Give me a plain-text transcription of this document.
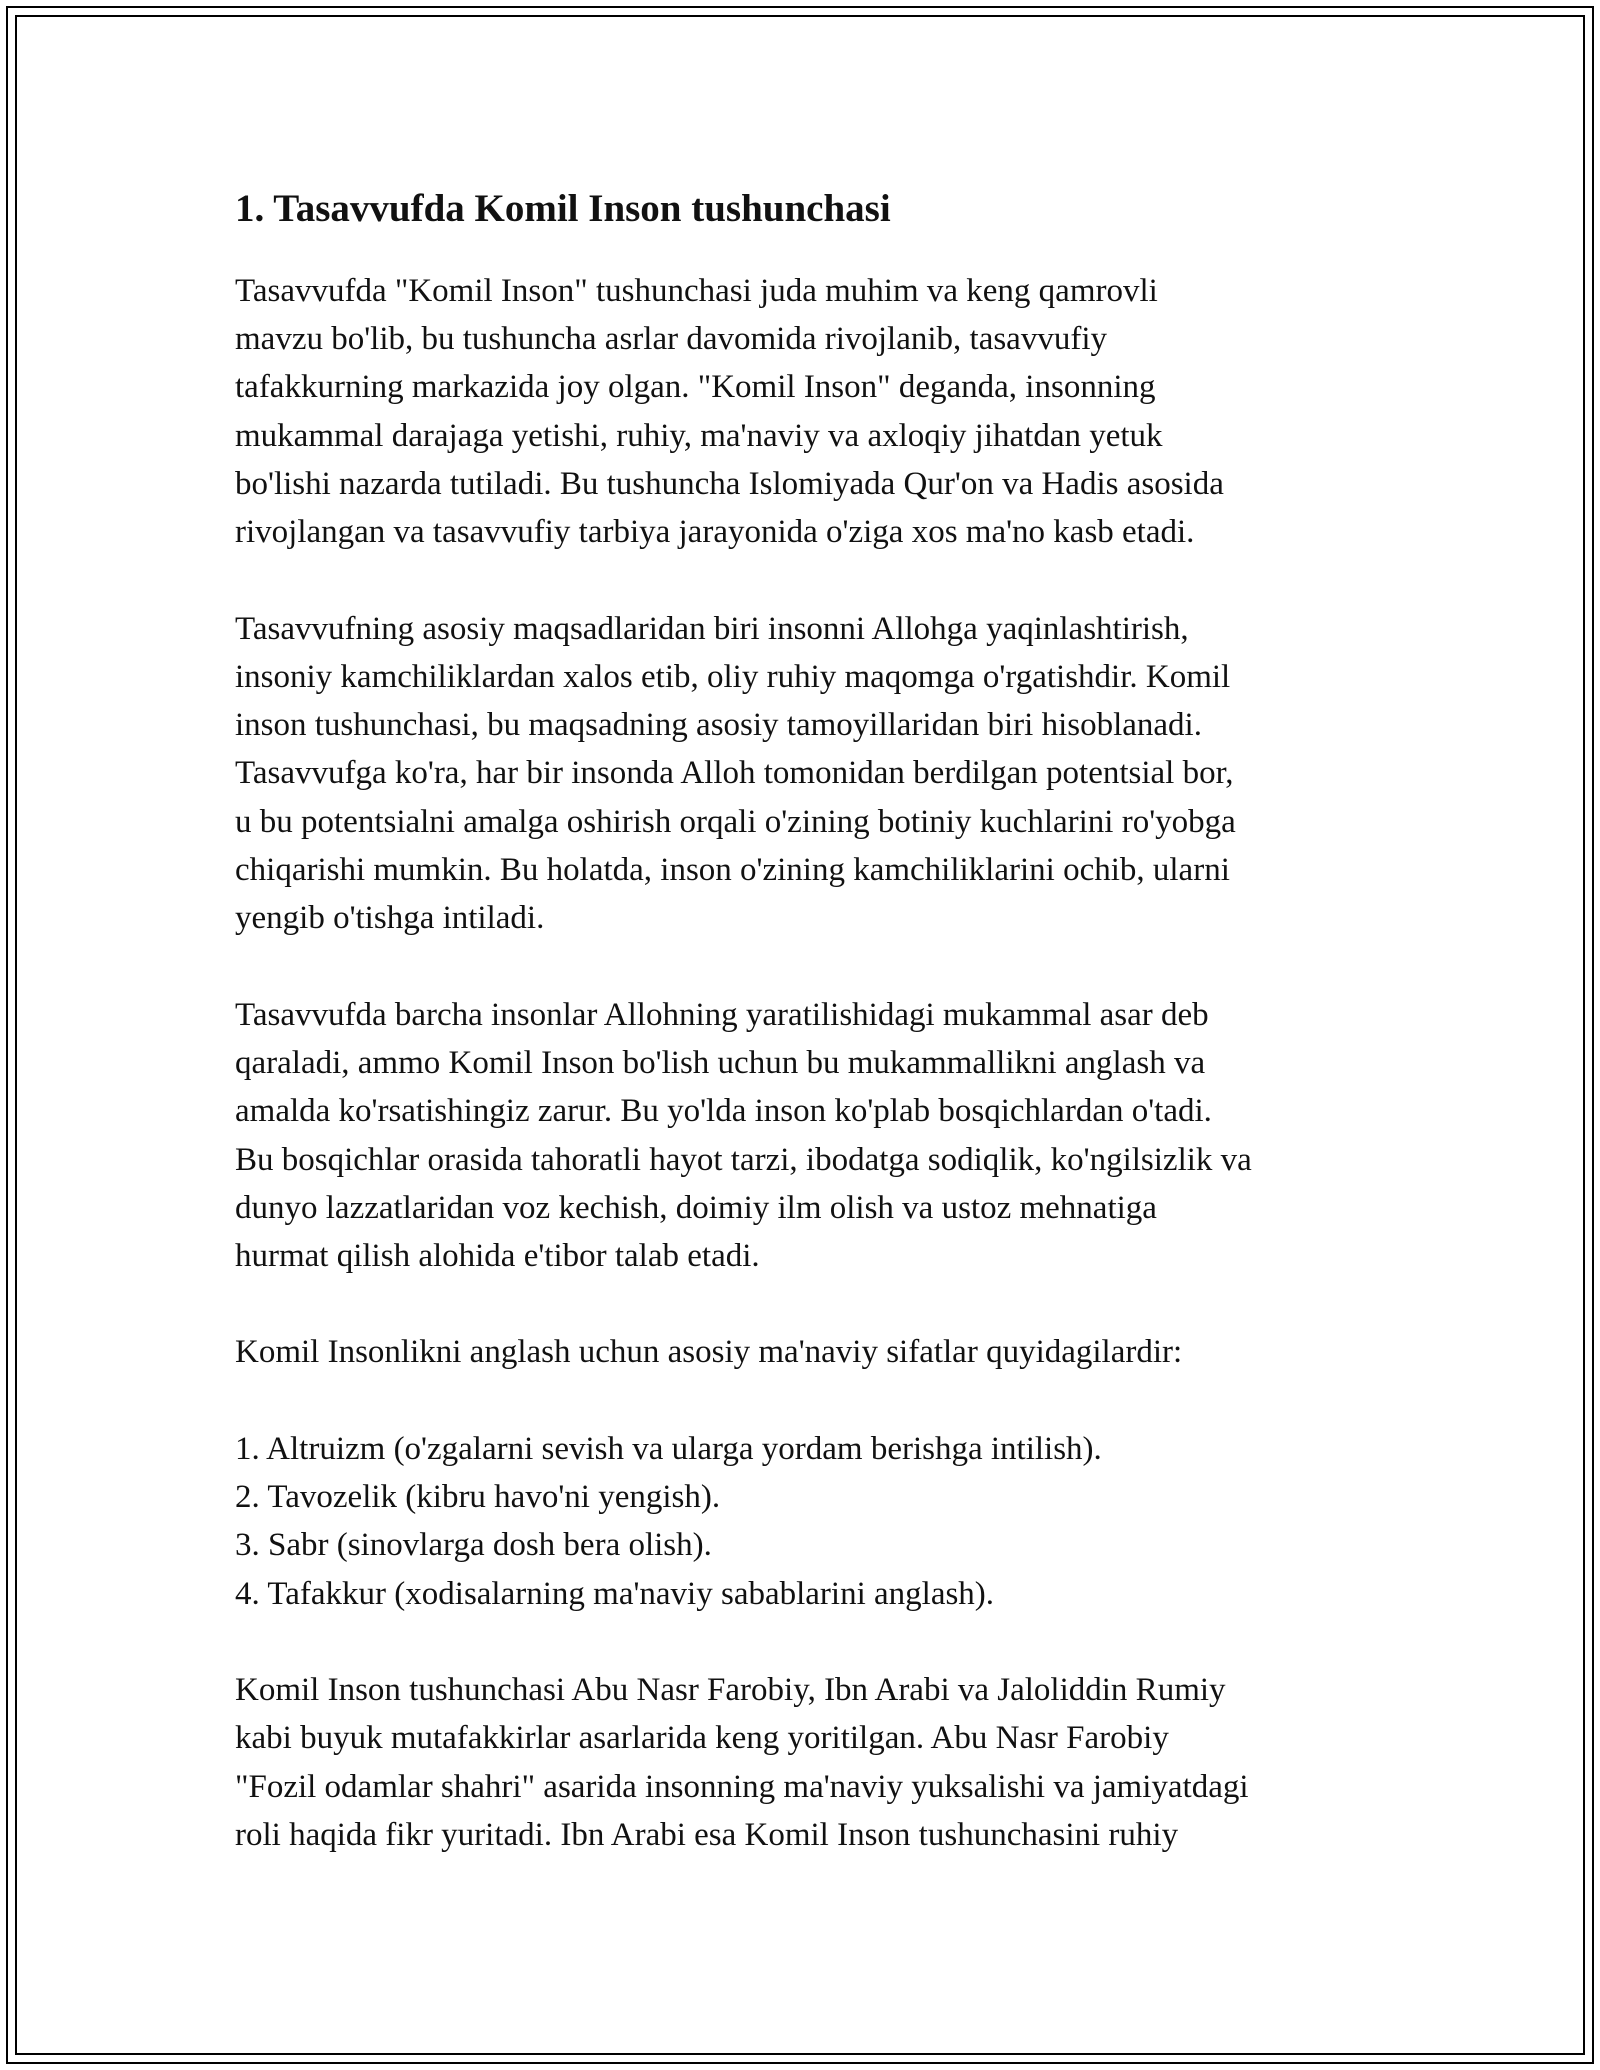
1. Tasavvufda Komil Inson tushunchasi

Tasavvufda "Komil Inson" tushunchasi juda muhim va keng qamrovli
mavzu bo'lib, bu tushuncha asrlar davomida rivojlanib, tasavvufiy
tafakkurning markazida joy olgan. "Komil Inson" deganda, insonning
mukammal darajaga yetishi, ruhiy, ma'naviy va axloqiy jihatdan yetuk
bo'lishi nazarda tutiladi. Bu tushuncha Islomiyada Qur'on va Hadis asosida
rivojlangan va tasavvufiy tarbiya jarayonida o'ziga xos ma'no kasb etadi.

Tasavvufning asosiy maqsadlaridan biri insonni Allohga yaqinlashtirish,
insoniy kamchiliklardan xalos etib, oliy ruhiy maqomga o'rgatishdir. Komil
inson tushunchasi, bu maqsadning asosiy tamoyillaridan biri hisoblanadi.
Tasavvufga ko'ra, har bir insonda Alloh tomonidan berdilgan potentsial bor,
u bu potentsialni amalga oshirish orqali o'zining botiniy kuchlarini ro'yobga
chiqarishi mumkin. Bu holatda, inson o'zining kamchiliklarini ochib, ularni
yengib o'tishga intiladi.

Tasavvufda barcha insonlar Allohning yaratilishidagi mukammal asar deb
qaraladi, ammo Komil Inson bo'lish uchun bu mukammallikni anglash va
amalda ko'rsatishingiz zarur. Bu yo'lda inson ko'plab bosqichlardan o'tadi.
Bu bosqichlar orasida tahoratli hayot tarzi, ibodatga sodiqlik, ko'ngilsizlik va
dunyo lazzatlaridan voz kechish, doimiy ilm olish va ustoz mehnatiga
hurmat qilish alohida e'tibor talab etadi.

Komil Insonlikni anglash uchun asosiy ma'naviy sifatlar quyidagilardir:

1. Altruizm (o'zgalarni sevish va ularga yordam berishga intilish).
2. Tavozelik (kibru havo'ni yengish).
3. Sabr (sinovlarga dosh bera olish).
4. Tafakkur (xodisalarning ma'naviy sabablarini anglash).

Komil Inson tushunchasi Abu Nasr Farobiy, Ibn Arabi va Jaloliddin Rumiy
kabi buyuk mutafakkirlar asarlarida keng yoritilgan. Abu Nasr Farobiy
"Fozil odamlar shahri" asarida insonning ma'naviy yuksalishi va jamiyatdagi
roli haqida fikr yuritadi. Ibn Arabi esa Komil Inson tushunchasini ruhiy
